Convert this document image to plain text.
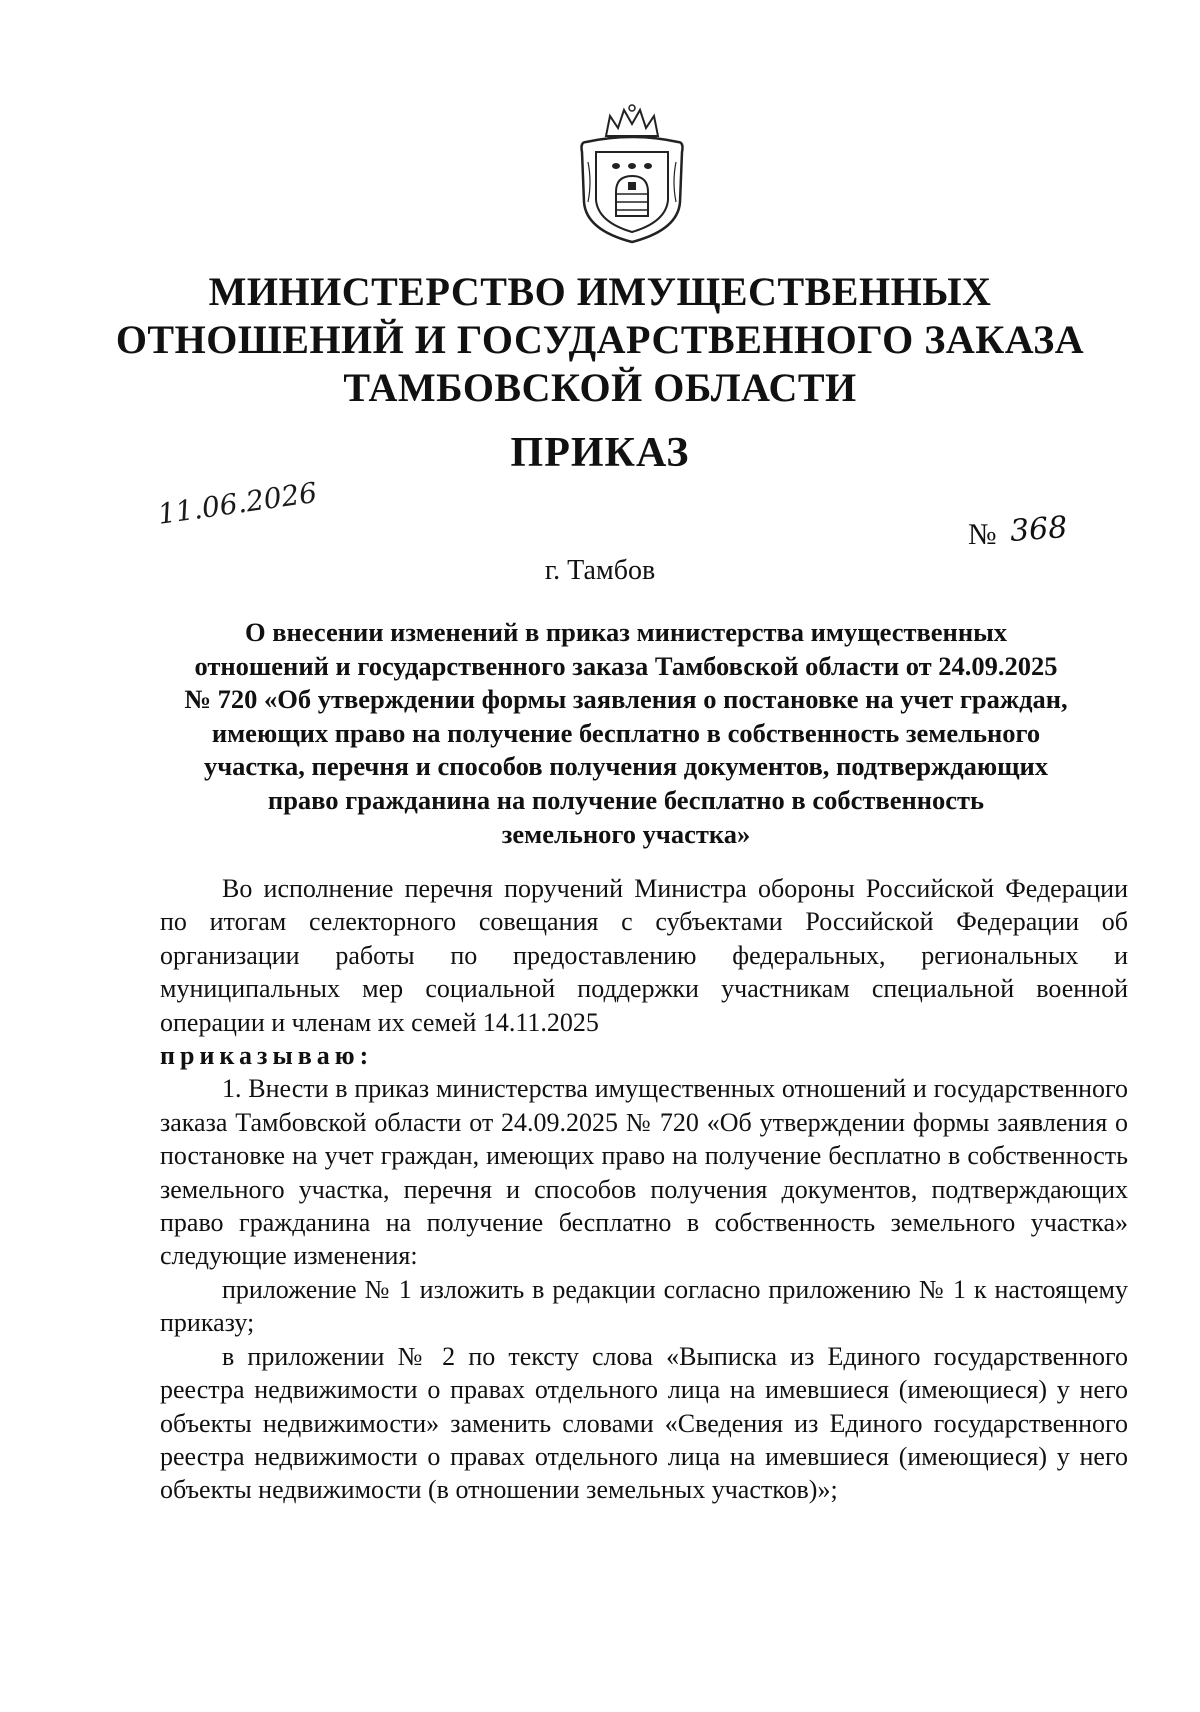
МИНИСТЕРСТВО ИМУЩЕСТВЕННЫХ
ОТНОШЕНИЙ И ГОСУДАРСТВЕННОГО ЗАКАЗА
ТАМБОВСКОЙ ОБЛАСТИ
ПРИКАЗ
11.06.2026
№ 368
г. Тамбов
О внесении изменений в приказ министерства имущественных
отношений и государственного заказа Тамбовской области от 24.09.2025
№ 720 «Об утверждении формы заявления о постановке на учет граждан,
имеющих право на получение бесплатно в собственность земельного
участка, перечня и способов получения документов, подтверждающих
право гражданина на получение бесплатно в собственность
земельного участка»

Во исполнение перечня поручений Министра обороны Российской Федерации по итогам селекторного совещания с субъектами Российской Федерации об организации работы по предоставлению федеральных, региональных и муниципальных мер социальной поддержки участникам специальной военной операции и членам их семей 14.11.2025

приказываю:

1. Внести в приказ министерства имущественных отношений и государственного заказа Тамбовской области от 24.09.2025 № 720 «Об утверждении формы заявления о постановке на учет граждан, имеющих право на получение бесплатно в собственность земельного участка, перечня и способов получения документов, подтверждающих право гражданина на получение бесплатно в собственность земельного участка» следующие изменения:

приложение № 1 изложить в редакции согласно приложению № 1 к настоящему приказу;

в приложении № 2 по тексту слова «Выписка из Единого государственного реестра недвижимости о правах отдельного лица на имевшиеся (имеющиеся) у него объекты недвижимости» заменить словами «Сведения из Единого государственного реестра недвижимости о правах отдельного лица на имевшиеся (имеющиеся) у него объекты недвижимости (в отношении земельных участков)»;
